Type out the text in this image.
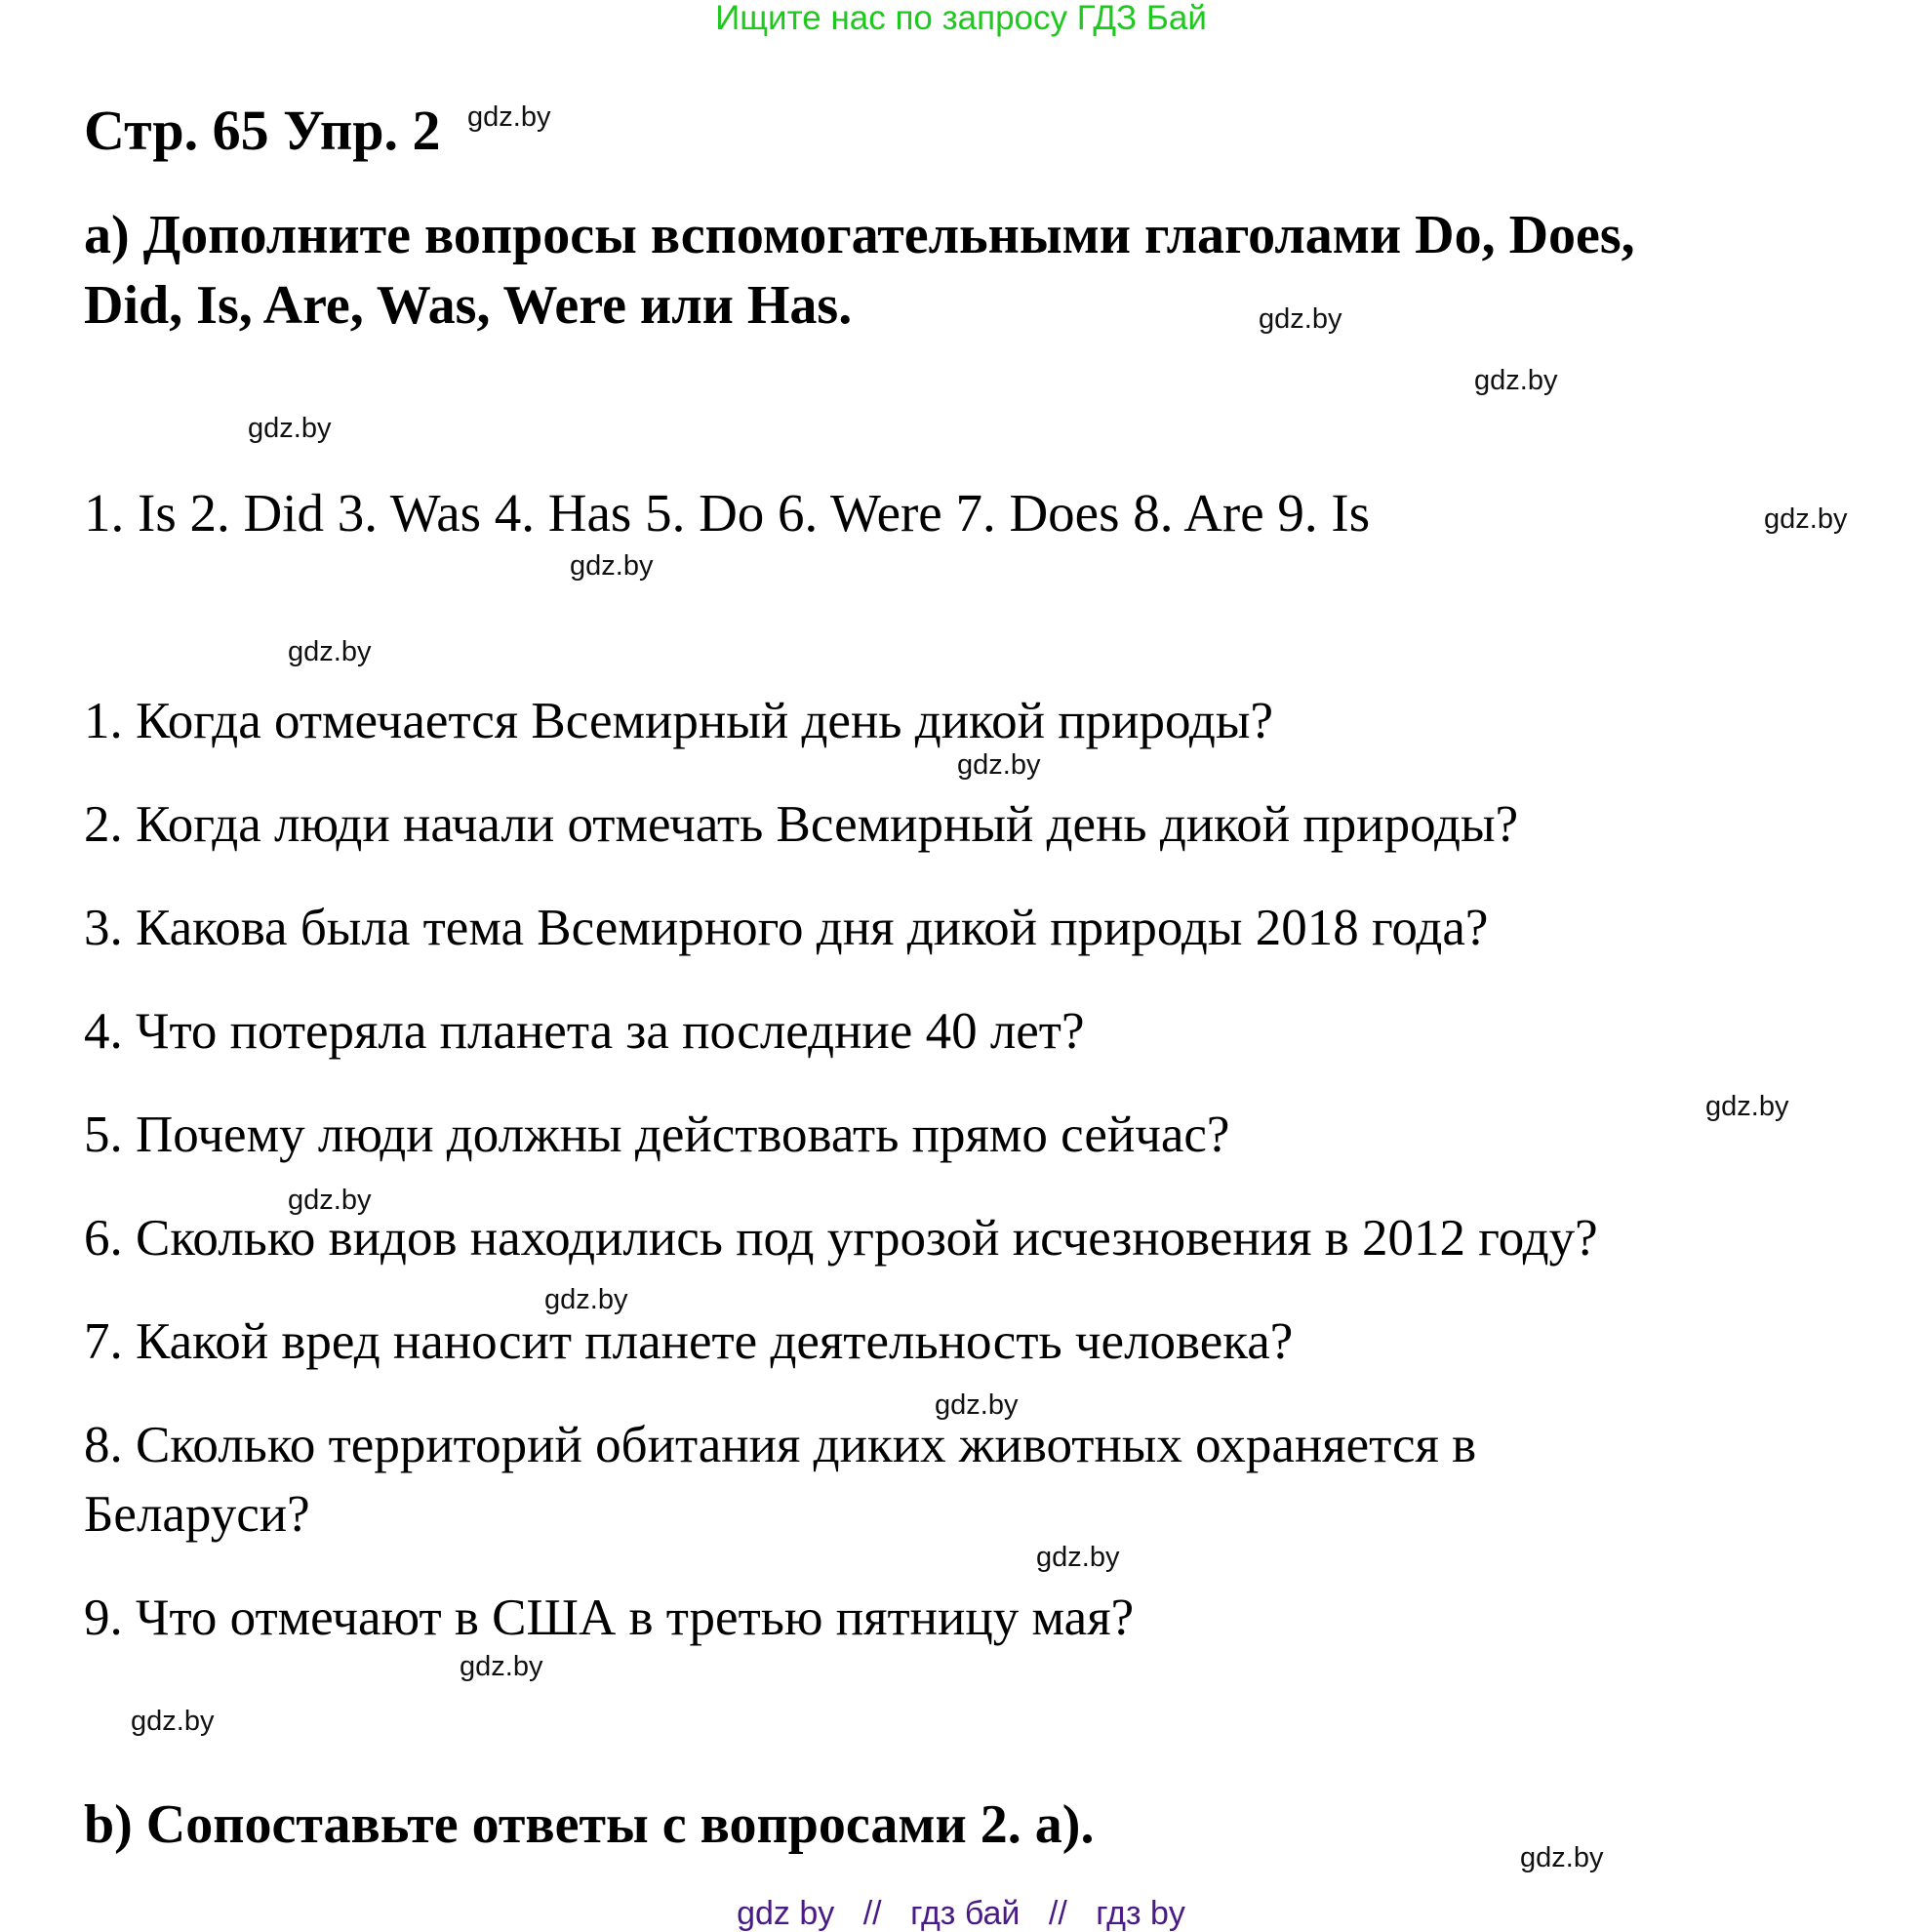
Ищите нас по запросу ГДЗ Бай
Стр. 65 Упр. 2
a) Дополните вопросы вспомогательными глаголами Do, Does,
Did, Is, Are, Was, Were или Has.
1. Is 2. Did 3. Was 4. Has 5. Do 6. Were 7. Does 8. Are 9. Is
1. Когда отмечается Всемирный день дикой природы?
2. Когда люди начали отмечать Всемирный день дикой природы?
3. Какова была тема Всемирного дня дикой природы 2018 года?
4. Что потеряла планета за последние 40 лет?
5. Почему люди должны действовать прямо сейчас?
6. Сколько видов находились под угрозой исчезновения в 2012 году?
7. Какой вред наносит планете деятельность человека?
8. Сколько территорий обитания диких животных охраняется в
Беларуси?
9. Что отмечают в США в третью пятницу мая?
b) Сопоставьте ответы с вопросами 2. a).
gdz.by
gdz.by
gdz.by
gdz.by
gdz.by
gdz.by
gdz.by
gdz.by
gdz.by
gdz.by
gdz.by
gdz.by
gdz.by
gdz.by
gdz.by
gdz.by
gdz by // гдз бай // гдз by
